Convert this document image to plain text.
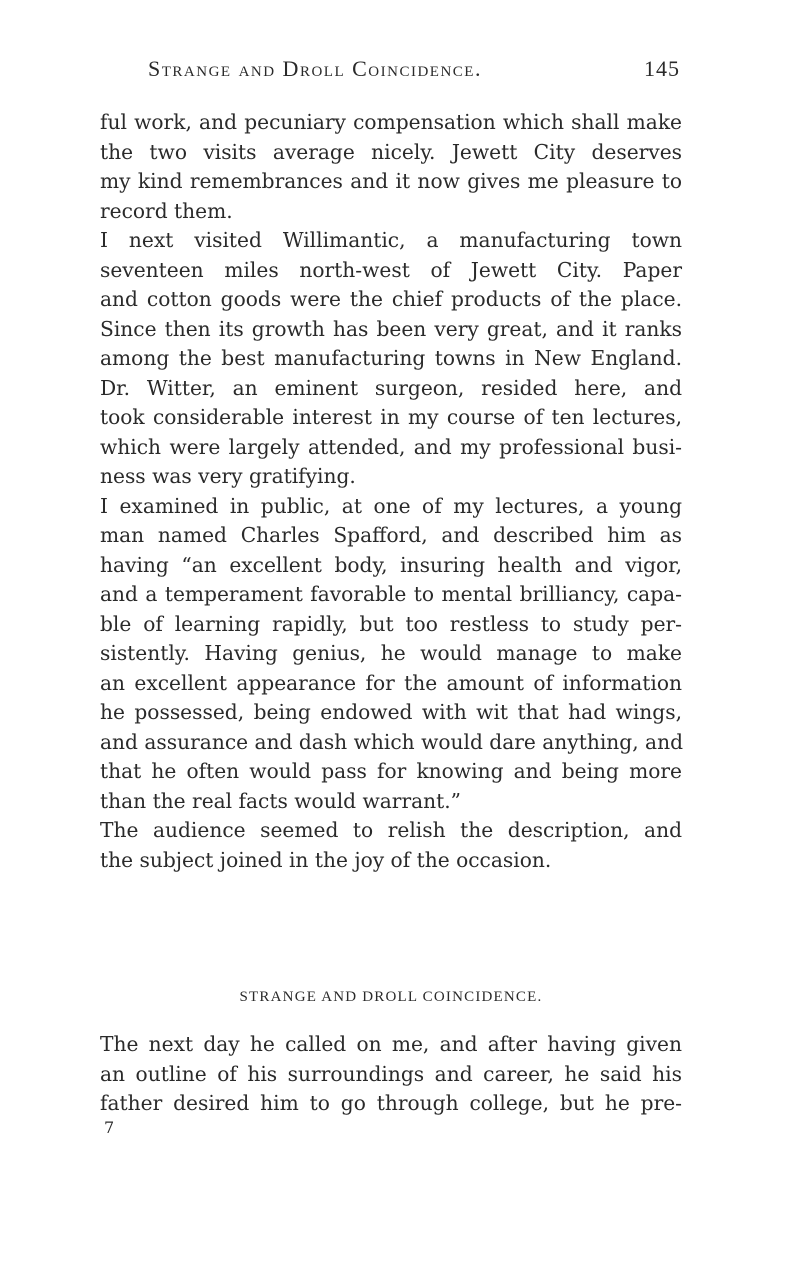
Strange and Droll Coincidence.	145
ful work, and pecuniary compensation which shall make
the two visits average nicely. Jewett City deserves
my kind remembrances and it now gives me pleasure to
record them.
I next visited Willimantic, a manufacturing town
seventeen miles north-west of Jewett City. Paper
and cotton goods were the chief products of the place.
Since then its growth has been very great, and it ranks
among the best manufacturing towns in New England.
Dr. Witter, an eminent surgeon, resided here, and
took considerable interest in my course of ten lectures,
which were largely attended, and my professional busi-
ness was very gratifying.
I examined in public, at one of my lectures, a young
man named Charles Spafford, and described him as
having “an excellent body, insuring health and vigor,
and a temperament favorable to mental brilliancy, capa-
ble of learning rapidly, but too restless to study per-
sistently. Having genius, he would manage to make
an excellent appearance for the amount of information
he possessed, being endowed with wit that had wings,
and assurance and dash which would dare anything, and
that he often would pass for knowing and being more
than the real facts would warrant.”
The audience seemed to relish the description, and
the subject joined in the joy of the occasion.
STRANGE AND DROLL COINCIDENCE.
The next day he called on me, and after having given
an outline of his surroundings and career, he said his
father desired him to go through college, but he pre-
7
